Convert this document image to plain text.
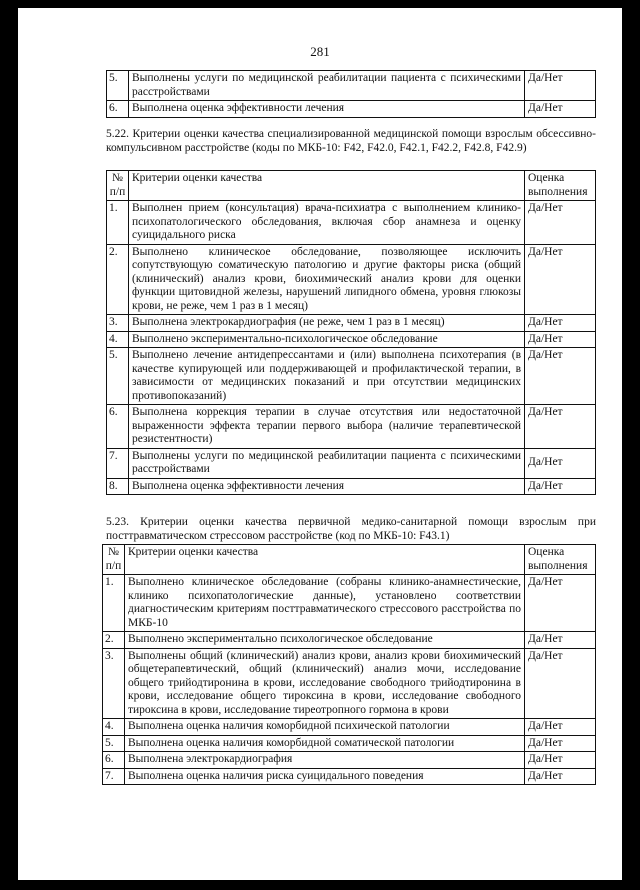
281
5.	Выполнены услуги по медицинской реабилитации пациента с психическими расстройствами	Да/Нет
6.	Выполнена оценка эффективности лечения	Да/Нет
5.22. Критерии оценки качества специализированной медицинской помощи взрослым обсессивно-компульсивном расстройстве (коды по МКБ-10: F42, F42.0, F42.1, F42.2, F42.8, F42.9)
№ п/п	Критерии оценки качества	Оценка выполнения
1.	Выполнен прием (консультация) врача-психиатра с выполнением клинико-психопатологического обследования, включая сбор анамнеза и оценку суицидального риска	Да/Нет
2.	Выполнено клиническое обследование, позволяющее исключить сопутствующую соматическую патологию и другие факторы риска (общий (клинический) анализ крови, биохимический анализ крови для оценки функции щитовидной железы, нарушений липидного обмена, уровня глюкозы крови, не реже, чем 1 раз в 1 месяц)	Да/Нет
3.	Выполнена электрокардиография (не реже, чем 1 раз в 1 месяц)	Да/Нет
4.	Выполнено экспериментально-психологическое обследование	Да/Нет
5.	Выполнено лечение антидепрессантами и (или) выполнена психотерапия (в качестве купирующей или поддерживающей и профилактической терапии, в зависимости от медицинских показаний и при отсутствии медицинских противопоказаний)	Да/Нет
6.	Выполнена коррекция терапии в случае отсутствия или недостаточной выраженности эффекта терапии первого выбора (наличие терапевтической резистентности)	Да/Нет
7.	Выполнены услуги по медицинской реабилитации пациента с психическими расстройствами	Да/Нет
8.	Выполнена оценка эффективности лечения	Да/Нет
5.23. Критерии оценки качества первичной медико-санитарной помощи взрослым при посттравматическом стрессовом расстройстве (код по МКБ-10: F43.1)
№ п/п	Критерии оценки качества	Оценка выполнения
1.	Выполнено клиническое обследование (собраны клинико-анамнестические, клинико психопатологические данные), установлено соответствии диагностическим критериям посттравматического стрессового расстройства по МКБ-10	Да/Нет
2.	Выполнено экспериментально психологическое обследование	Да/Нет
3.	Выполнены общий (клинический) анализ крови, анализ крови биохимический общетерапевтический, общий (клинический) анализ мочи, исследование общего трийодтиронина в крови, исследование свободного трийодтиронина в крови, исследование общего тироксина в крови, исследование свободного тироксина в крови, исследование тиреотропного гормона в крови	Да/Нет
4.	Выполнена оценка наличия коморбидной психической патологии	Да/Нет
5.	Выполнена оценка наличия коморбидной соматической патологии	Да/Нет
6.	Выполнена электрокардиография	Да/Нет
7.	Выполнена оценка наличия риска суицидального поведения	Да/Нет
